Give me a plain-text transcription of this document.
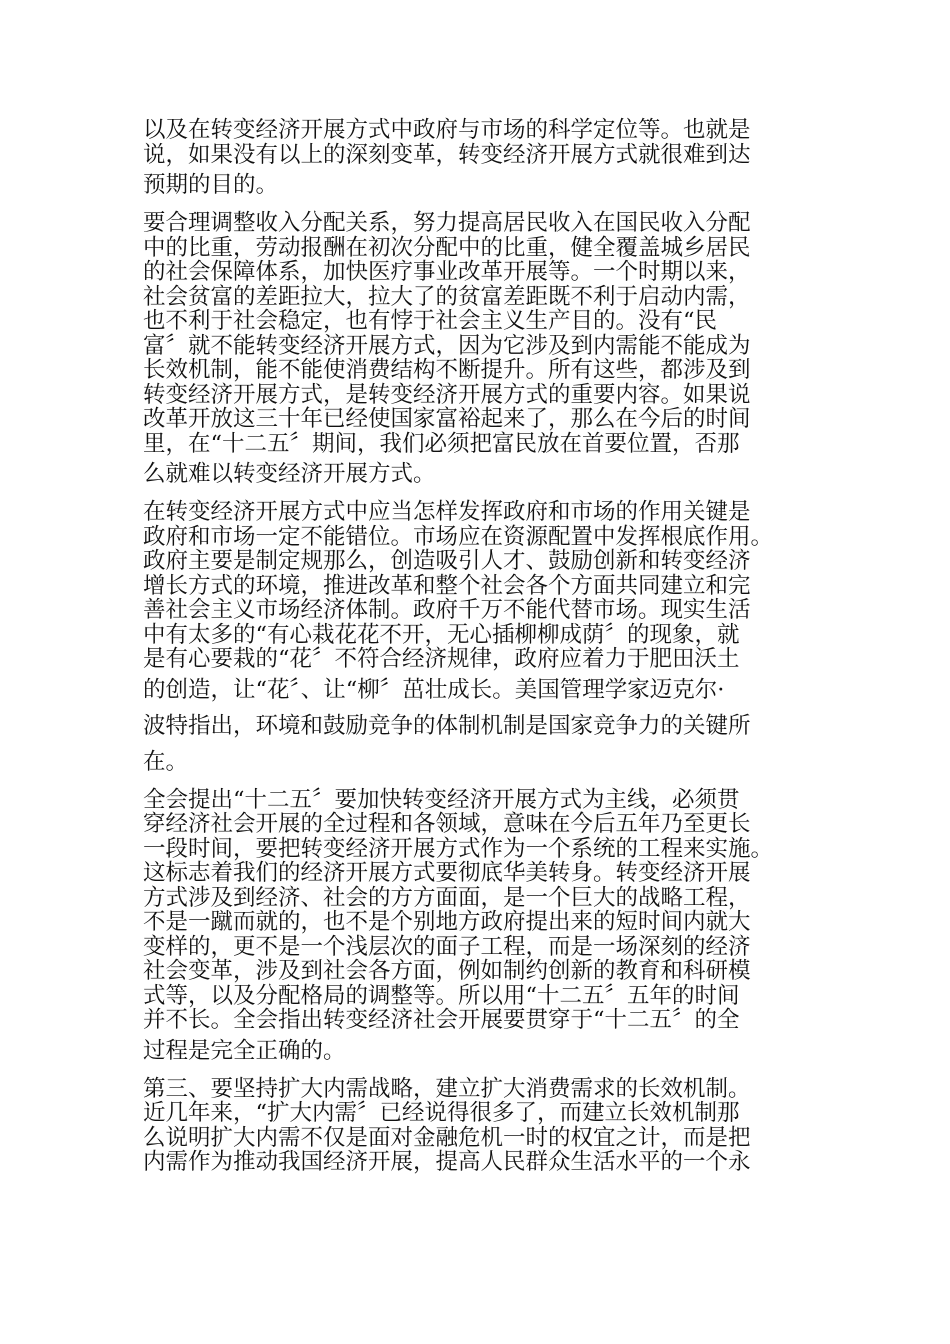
以及在转变经济开展方式中政府与市场的科学定位等。也就是
说，如果没有以上的深刻变革，转变经济开展方式就很难到达
预期的目的。
要合理调整收入分配关系，努力提高居民收入在国民收入分配
中的比重，劳动报酬在初次分配中的比重，健全覆盖城乡居民
的社会保障体系，加快医疗事业改革开展等。一个时期以来，
社会贫富的差距拉大，拉大了的贫富差距既不利于启动内需，
也不利于社会稳定，也有悖于社会主义生产目的。没有“民
富〞就不能转变经济开展方式，因为它涉及到内需能不能成为
长效机制，能不能使消费结构不断提升。所有这些，都涉及到
转变经济开展方式，是转变经济开展方式的重要内容。如果说
改革开放这三十年已经使国家富裕起来了，那么在今后的时间
里，在“十二五〞期间，我们必须把富民放在首要位置，否那
么就难以转变经济开展方式。
在转变经济开展方式中应当怎样发挥政府和市场的作用关键是
政府和市场一定不能错位。市场应在资源配置中发挥根底作用。
政府主要是制定规那么，创造吸引人才、鼓励创新和转变经济
增长方式的环境，推进改革和整个社会各个方面共同建立和完
善社会主义市场经济体制。政府千万不能代替市场。现实生活
中有太多的“有心栽花花不开，无心插柳柳成荫〞的现象，就
是有心要栽的“花〞不符合经济规律，政府应着力于肥田沃土
的创造，让“花〞、让“柳〞茁壮成长。美国管理学家迈克尔·
波特指出，环境和鼓励竞争的体制机制是国家竞争力的关键所
在。
全会提出“十二五〞要加快转变经济开展方式为主线，必须贯
穿经济社会开展的全过程和各领域，意味在今后五年乃至更长
一段时间，要把转变经济开展方式作为一个系统的工程来实施。
这标志着我们的经济开展方式要彻底华美转身。转变经济开展
方式涉及到经济、社会的方方面面，是一个巨大的战略工程，
不是一蹴而就的，也不是个别地方政府提出来的短时间内就大
变样的，更不是一个浅层次的面子工程，而是一场深刻的经济
社会变革，涉及到社会各方面，例如制约创新的教育和科研模
式等，以及分配格局的调整等。所以用“十二五〞五年的时间
并不长。全会指出转变经济社会开展要贯穿于“十二五〞的全
过程是完全正确的。
第三、要坚持扩大内需战略，建立扩大消费需求的长效机制。
近几年来，“扩大内需〞已经说得很多了，而建立长效机制那
么说明扩大内需不仅是面对金融危机一时的权宜之计，而是把
内需作为推动我国经济开展，提高人民群众生活水平的一个永
